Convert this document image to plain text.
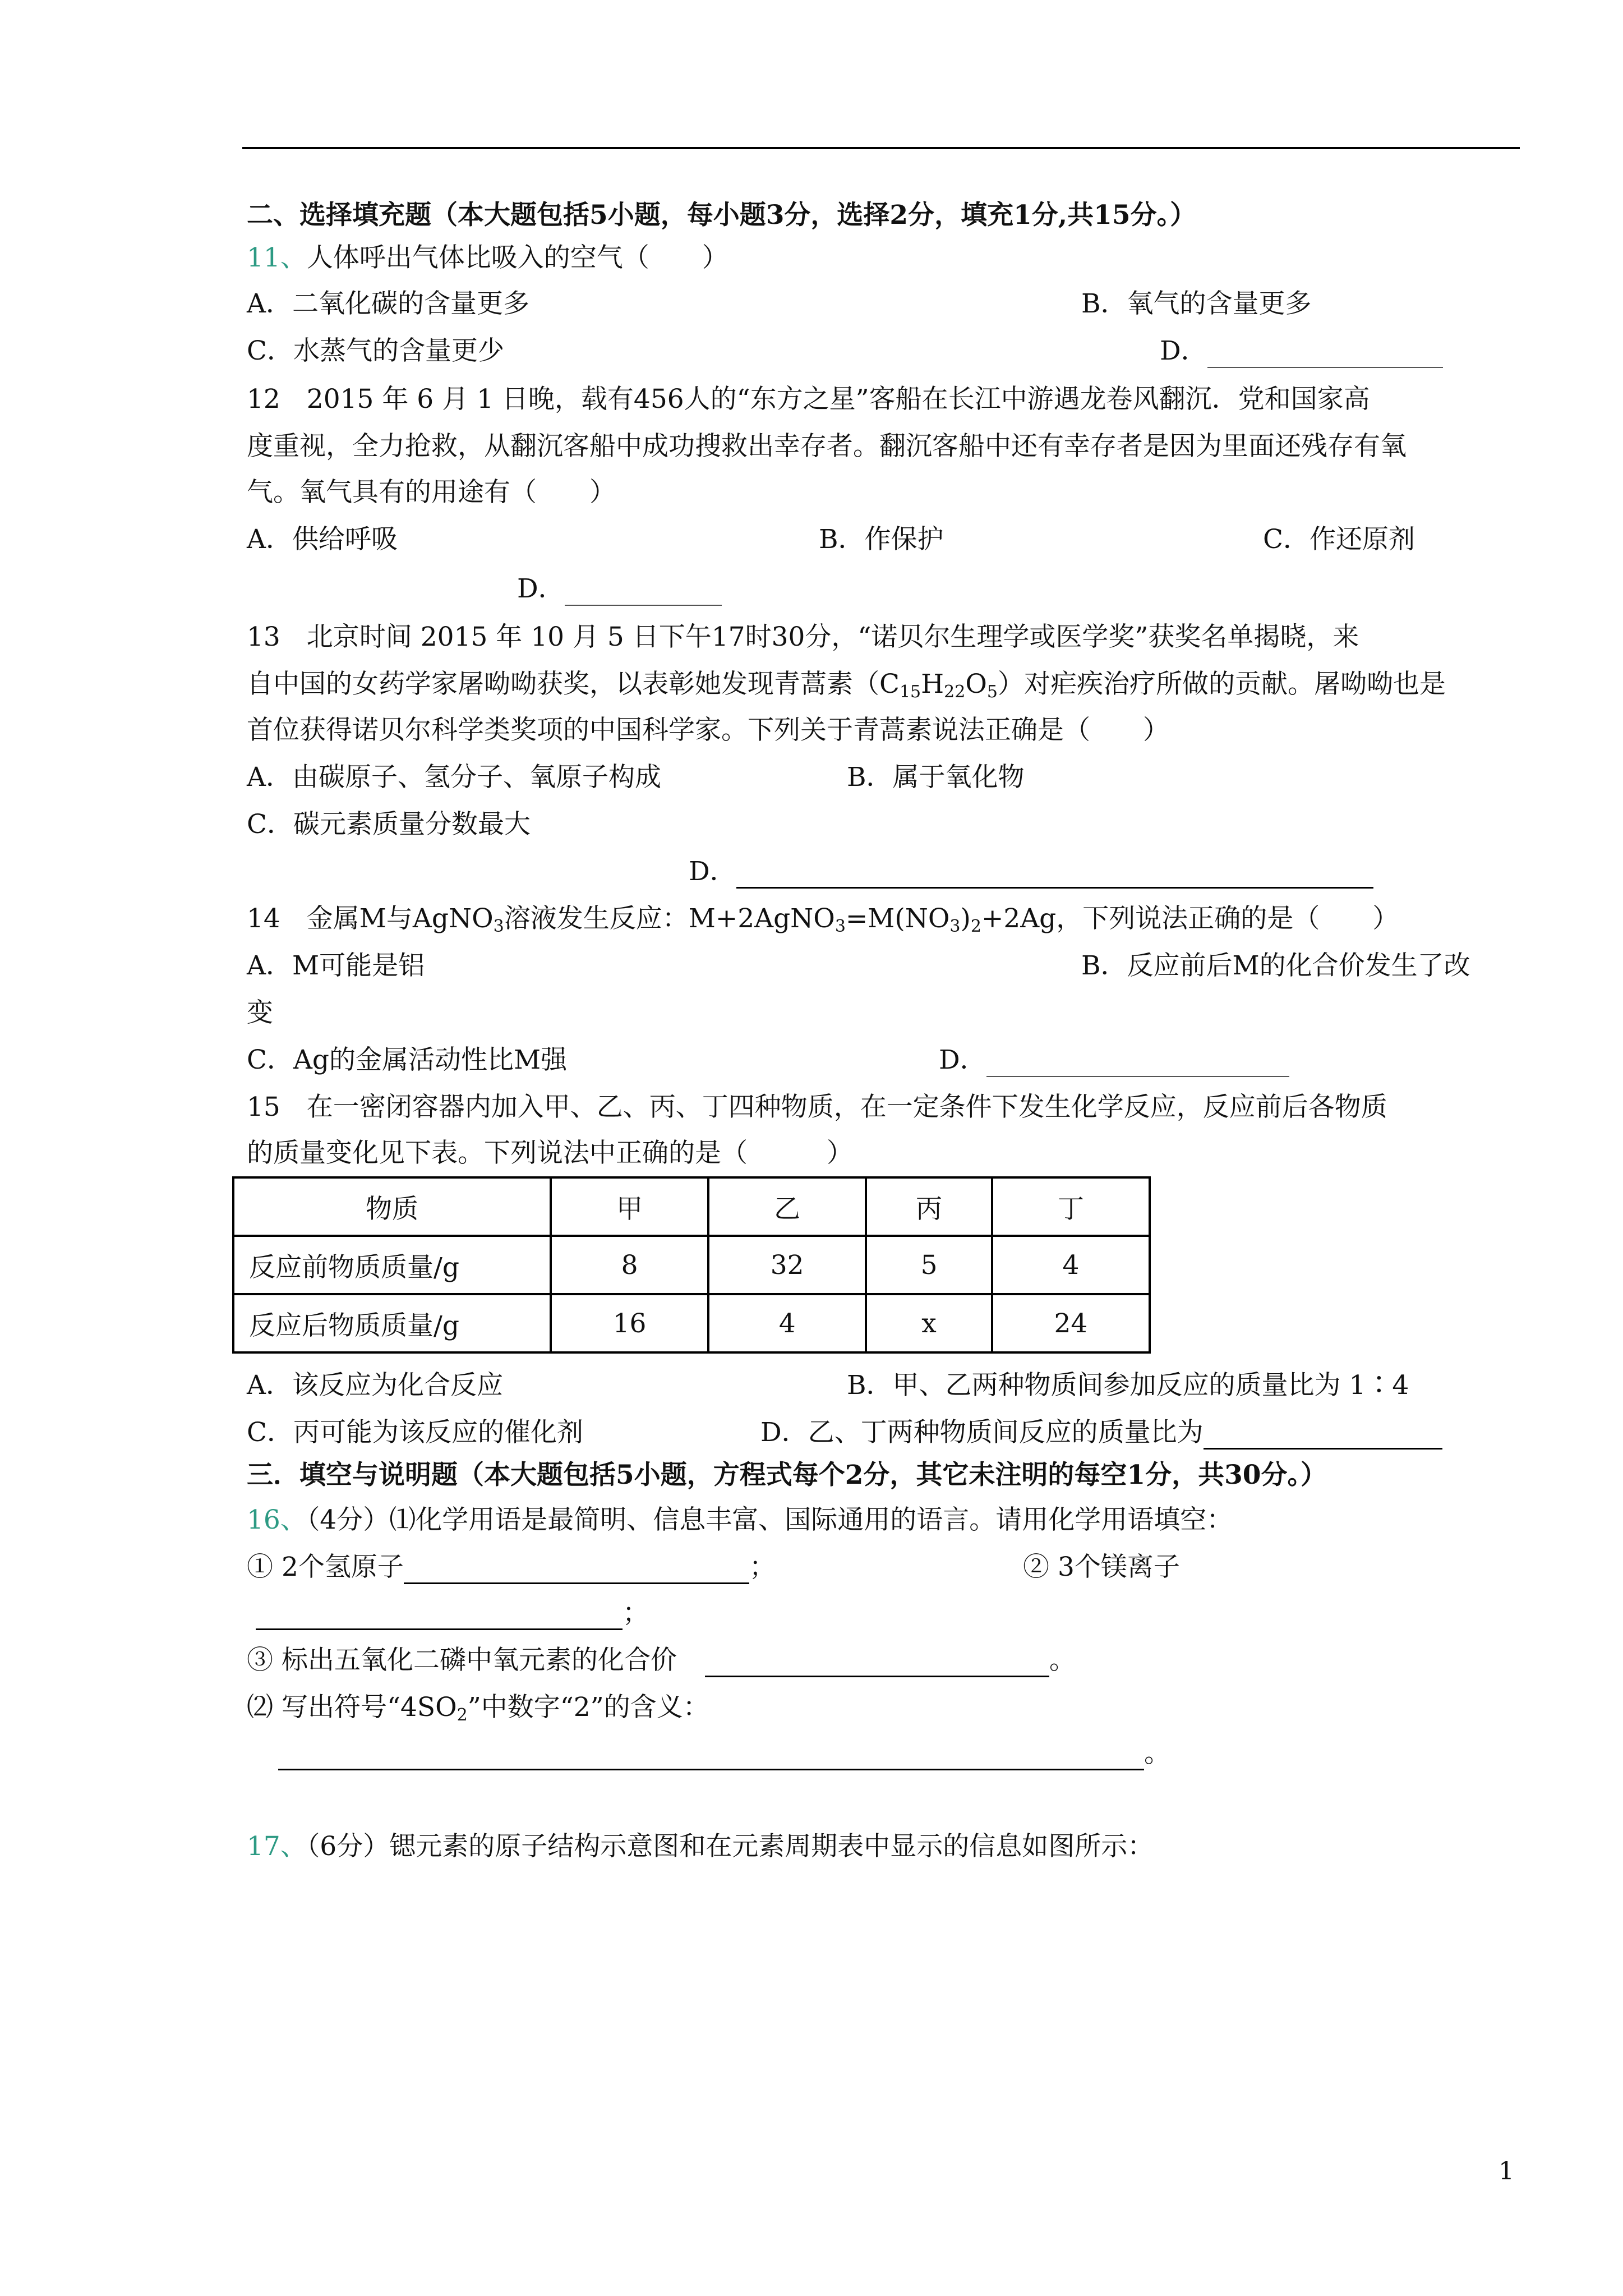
二、选择填充题（本大题包括5小题，每小题3分，选择2分，填充1分,共15分。）
11、人体呼出气体比吸入的空气（　　）
A．二氧化碳的含量更多	B．氧气的含量更多
C．水蒸气的含量更少	D．
12　2015 年 6 月 1 日晚，载有456人的“东方之星”客船在长江中游遇龙卷风翻沉．党和国家高
度重视，全力抢救，从翻沉客船中成功搜救出幸存者。翻沉客船中还有幸存者是因为里面还残存有氧
气。氧气具有的用途有（　　）
A．供给呼吸	B．作保护	C．作还原剂
D．
13　北京时间 2015 年 10 月 5 日下午17时30分，“诺贝尔生理学或医学奖”获奖名单揭晓，来
自中国的女药学家屠呦呦获奖，以表彰她发现青蒿素$(C_{15}H_{22}O_5)$对疟疾治疗所做的贡献。屠呦呦也是
首位获得诺贝尔科学类奖项的中国科学家。下列关于青蒿素说法正确是（　　）
A．由碳原子、氢分子、氧原子构成	B．属于氧化物
C．碳元素质量分数最大
D．
14　金属M与AgNO$_3$溶液发生反应：$M+2AgNO_3=M(NO_3)_2+2Ag$，下列说法正确的是（　　）
A．M可能是铝	B．反应前后M的化合价发生了改
变
C．Ag的金属活动性比M强	D．
15　在一密闭容器内加入甲、乙、丙、丁四种物质，在一定条件下发生化学反应，反应前后各物质
的质量变化见下表。下列说法中正确的是（　　　）
物质	甲	乙	丙	丁
反应前物质质量/g	8	32	5	4
反应后物质质量/g	16	4	x	24
A．该反应为化合反应	B．甲、乙两种物质间参加反应的质量比为 1∶4
C．丙可能为该反应的催化剂	D．乙、丁两种物质间反应的质量比为
三．填空与说明题（本大题包括5小题，方程式每个2分，其它未注明的每空1分，共30分。）
16、（4分）⑴化学用语是最简明、信息丰富、国际通用的语言。请用化学用语填空：
① 2个氢原子	；	② 3个镁离子
；
③ 标出五氧化二磷中氧元素的化合价	。
⑵ 写出符号“$4SO_2$”中数字“2”的含义：
。
17、（6分）锶元素的原子结构示意图和在元素周期表中显示的信息如图所示：
1
